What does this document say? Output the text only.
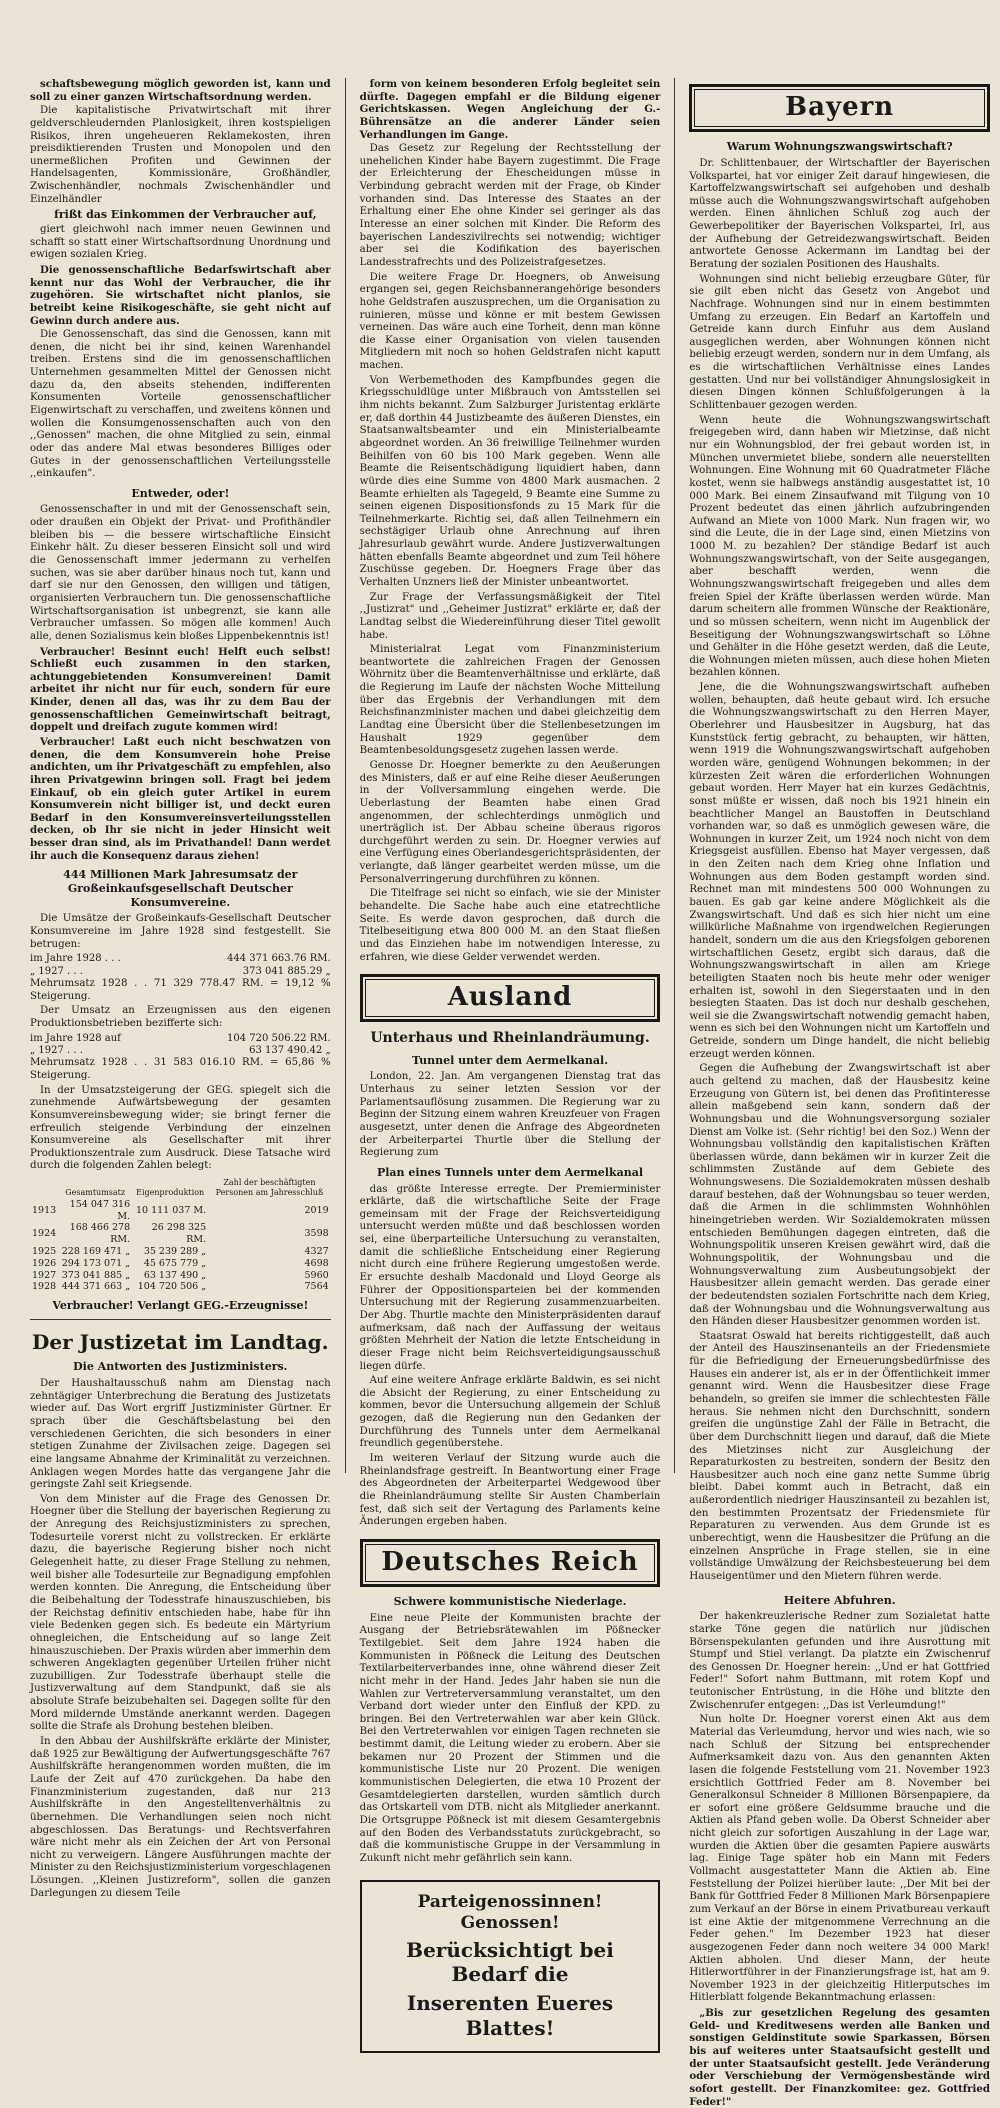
schaftsbewegung möglich geworden ist, kann und soll zu einer ganzen Wirtschaftsordnung werden.

Die kapitalistische Privatwirtschaft mit ihrer geldverschleudernden Planlosigkeit, ihren kostspieligen Risikos, ihren ungeheueren Reklamekosten, ihren preisdiktierenden Trusten und Monopolen und den unermeßlichen Profiten und Gewinnen der Handelsagenten, Kommissionäre, Großhändler, Zwischenhändler, nochmals Zwischenhändler und Einzelhändler

frißt das Einkommen der Verbraucher auf,

giert gleichwohl nach immer neuen Gewinnen und schafft so statt einer Wirtschaftsordnung Unordnung und ewigen sozialen Krieg.

Die genossenschaftliche Bedarfswirtschaft aber kennt nur das Wohl der Verbraucher, die ihr zugehören. Sie wirtschaftet nicht planlos, sie betreibt keine Risikogeschäfte, sie geht nicht auf Gewinn durch andere aus.

Die Genossenschaft, das sind die Genossen, kann mit denen, die nicht bei ihr sind, keinen Warenhandel treiben. Erstens sind die im genossenschaftlichen Unternehmen gesammelten Mittel der Genossen nicht dazu da, den abseits stehenden, indifferenten Konsumenten Vorteile genossenschaftlicher Eigenwirtschaft zu verschaffen, und zweitens können und wollen die Konsumgenossenschaften auch von den ,,Genossen" machen, die ohne Mitglied zu sein, einmal oder das andere Mal etwas besonderes Billiges oder Gutes in der genossenschaftlichen Verteilungsstelle ,,einkaufen".

Entweder, oder!

Genossenschafter in und mit der Genossenschaft sein, oder draußen ein Objekt der Privat- und Profithändler bleiben bis — die bessere wirtschaftliche Einsicht Einkehr hält. Zu dieser besseren Einsicht soll und wird die Genossenschaft immer jedermann zu verhelfen suchen, was sie aber darüber hinaus noch tut, kann und darf sie nur den Genossen, den willigen und tätigen, organisierten Verbrauchern tun. Die genossenschaftliche Wirtschaftsorganisation ist unbegrenzt, sie kann alle Verbraucher umfassen. So mögen alle kommen! Auch alle, denen Sozialismus kein bloßes Lippenbekenntnis ist!

Verbraucher! Besinnt euch! Helft euch selbst! Schließt euch zusammen in den starken, achtunggebietenden Konsumvereinen! Damit arbeitet ihr nicht nur für euch, sondern für eure Kinder, denen all das, was ihr zu dem Bau der genossenschaftlichen Gemeinwirtschaft beitragt, doppelt und dreifach zugute kommen wird!

Verbraucher! Laßt euch nicht beschwatzen von denen, die dem Konsumverein hohe Preise andichten, um ihr Privatgeschäft zu empfehlen, also ihren Privatgewinn bringen soll. Fragt bei jedem Einkauf, ob ein gleich guter Artikel in eurem Konsumverein nicht billiger ist, und deckt euren Bedarf in den Konsumvereinsverteilungsstellen decken, ob Ihr sie nicht in jeder Hinsicht weit besser dran sind, als im Privathandel! Dann werdet ihr auch die Konsequenz daraus ziehen!

444 Millionen Mark Jahresumsatz der
Großeinkaufsgesellschaft Deutscher Konsumvereine.

Die Umsätze der Großeinkaufs-Gesellschaft Deutscher Konsumvereine im Jahre 1928 sind festgestellt. Sie betrugen:

im Jahre 1928 . . .	444 371 663.76 RM.
„ 1927 . . .	373 041 885.29 „

Mehrumsatz 1928 . . 71 329 778.47 RM. = 19,12 % Steigerung.

Der Umsatz an Erzeugnissen aus den eigenen Produktionsbetrieben bezifferte sich:

im Jahre 1928 auf	104 720 506.22 RM.
„ 1927 . . .	63 137 490.42 „

Mehrumsatz 1928 . . 31 583 016.10 RM. = 65,86 % Steigerung.

In der Umsatzsteigerung der GEG. spiegelt sich die zunehmende Aufwärtsbewegung der gesamten Konsumvereinsbewegung wider; sie bringt ferner die erfreulich steigende Verbindung der einzelnen Konsumvereine als Gesellschafter mit ihrer Produktionszentrale zum Ausdruck. Diese Tatsache wird durch die folgenden Zahlen belegt:

	Gesamtumsatz	Eigenproduktion	Zahl der beschäftigten Personen am Jahresschluß
1913	154 047 316 M.	10 111 037 M.	2019
1924	168 466 278 RM.	26 298 325 RM.	3598
1925	228 169 471 „	35 239 289 „	4327
1926	294 173 071 „	45 675 779 „	4698
1927	373 041 885 „	63 137 490 „	5960
1928	444 371 663 „	104 720 506 „	7564
Verbraucher! Verlangt GEG.-Erzeugnisse!
Der Justizetat im Landtag.
Die Antworten des Justizministers.

Der Haushaltausschuß nahm am Dienstag nach zehntägiger Unterbrechung die Beratung des Justizetats wieder auf. Das Wort ergriff Justizminister Gürtner. Er sprach über die Geschäftsbelastung bei den verschiedenen Gerichten, die sich besonders in einer stetigen Zunahme der Zivilsachen zeige. Dagegen sei eine langsame Abnahme der Kriminalität zu verzeichnen. Anklagen wegen Mordes hatte das vergangene Jahr die geringste Zahl seit Kriegsende.

Von dem Minister auf die Frage des Genossen Dr. Hoegner über die Stellung der bayerischen Regierung zu der Anregung des Reichsjustizministers zu sprechen, Todesurteile vorerst nicht zu vollstrecken. Er erklärte dazu, die bayerische Regierung bisher noch nicht Gelegenheit hatte, zu dieser Frage Stellung zu nehmen, weil bisher alle Todesurteile zur Begnadigung empfohlen werden konnten. Die Anregung, die Entscheidung über die Beibehaltung der Todesstrafe hinauszuschieben, bis der Reichstag definitiv entschieden habe, habe für ihn viele Bedenken gegen sich. Es bedeute ein Märtyrium ohnegleichen, die Entscheidung auf so lange Zeit hinauszuschieben. Der Praxis würden aber immerhin dem schweren Angeklagten gegenüber Urteilen früher nicht zuzubilligen. Zur Todesstrafe überhaupt stelle die Justizverwaltung auf dem Standpunkt, daß sie als absolute Strafe beizubehalten sei. Dagegen sollte für den Mord mildernde Umstände anerkannt werden. Dagegen sollte die Strafe als Drohung bestehen bleiben.

In den Abbau der Aushilfskräfte erklärte der Minister, daß 1925 zur Bewältigung der Aufwertungsgeschäfte 767 Aushilfskräfte herangenommen worden mußten, die im Laufe der Zeit auf 470 zurückgehen. Da habe den Finanzministerium zugestanden, daß nur 213 Aushilfskräfte in den Angestelltenverhältnis zu übernehmen. Die Verhandlungen seien noch nicht abgeschlossen. Das Beratungs- und Rechtsverfahren wäre nicht mehr als ein Zeichen der Art von Personal nicht zu verweigern. Längere Ausführungen machte der Minister zu den Reichsjustizministerium vorgeschlagenen Lösungen. ,,Kleinen Justizreform", sollen die ganzen Darlegungen zu diesem Teile

form von keinem besonderen Erfolg begleitet sein dürfte. Dagegen empfahl er die Bildung eigener Gerichtskassen. Wegen Angleichung der G.-Bührensätze an die anderer Länder seien Verhandlungen im Gange.

Das Gesetz zur Regelung der Rechtsstellung der unehelichen Kinder habe Bayern zugestimmt. Die Frage der Erleichterung der Ehescheidungen müsse in Verbindung gebracht werden mit der Frage, ob Kinder vorhanden sind. Das Interesse des Staates an der Erhaltung einer Ehe ohne Kinder sei geringer als das Interesse an einer solchen mit Kinder. Die Reform des bayerischen Landeszivilrechts sei notwendig; wichtiger aber sei die Kodifikation des bayerischen Landesstrafrechts und des Polizeistrafgesetzes.

Die weitere Frage Dr. Hoegners, ob Anweisung ergangen sei, gegen Reichsbannerangehörige besonders hohe Geldstrafen auszusprechen, um die Organisation zu ruinieren, müsse und könne er mit bestem Gewissen verneinen. Das wäre auch eine Torheit, denn man könne die Kasse einer Organisation von vielen tausenden Mitgliedern mit noch so hohen Geldstrafen nicht kaputt machen.

Von Werbemethoden des Kampfbundes gegen die Kriegsschuldlüge unter Mißbrauch von Amtsstellen sei ihm nichts bekannt. Zum Salzburger Juristentag erklärte er, daß dorthin 44 Justizbeamte des äußeren Dienstes, ein Staatsanwaltsbeamter und ein Ministerialbeamte abgeordnet worden. An 36 freiwillige Teilnehmer wurden Beihilfen von 60 bis 100 Mark gegeben. Wenn alle Beamte die Reisentschädigung liquidiert haben, dann würde dies eine Summe von 4800 Mark ausmachen. 2 Beamte erhielten als Tagegeld, 9 Beamte eine Summe zu seinen eigenen Dispositionsfonds zu 15 Mark für die Teilnehmerkarte. Richtig sei, daß allen Teilnehmern ein sechstägiger Urlaub ohne Anrechnung auf ihren Jahresurlaub gewährt wurde. Andere Justizverwaltungen hätten ebenfalls Beamte abgeordnet und zum Teil höhere Zuschüsse gegeben. Dr. Hoegners Frage über das Verhalten Unzners ließ der Minister unbeantwortet.

Zur Frage der Verfassungsmäßigkeit der Titel ,,Justizrat" und ,,Geheimer Justizrat" erklärte er, daß der Landtag selbst die Wiedereinführung dieser Titel gewollt habe.

Ministerialrat Legat vom Finanzministerium beantwortete die zahlreichen Fragen der Genossen Wöhrnitz über die Beamtenverhältnisse und erklärte, daß die Regierung im Laufe der nächsten Woche Mitteilung über das Ergebnis der Verhandlungen mit dem Reichsfinanzminister machen und dabei gleichzeitig dem Landtag eine Übersicht über die Stellenbesetzungen im Haushalt 1929 gegenüber dem Beamtenbesoldungsgesetz zugehen lassen werde.

Genosse Dr. Hoegner bemerkte zu den Aeußerungen des Ministers, daß er auf eine Reihe dieser Aeußerungen in der Vollversammlung eingehen werde. Die Ueberlastung der Beamten habe einen Grad angenommen, der schlechterdings unmöglich und unerträglich ist. Der Abbau scheine überaus rigoros durchgeführt werden zu sein. Dr. Hoegner verwies auf eine Verfügung eines Oberlandesgerichtspräsidenten, der verlangte, daß länger gearbeitet werden müsse, um die Personalverringerung durchführen zu können.

Die Titelfrage sei nicht so einfach, wie sie der Minister behandelte. Die Sache habe auch eine etatrechtliche Seite. Es werde davon gesprochen, daß durch die Titelbeseitigung etwa 800 000 M. an den Staat fließen und das Einziehen habe im notwendigen Interesse, zu erfahren, wie diese Gelder verwendet werden.

Ausland
Unterhaus und Rheinlandräumung.
Tunnel unter dem Aermelkanal.

London, 22. Jan. Am vergangenen Dienstag trat das Unterhaus zu seiner letzten Session vor der Parlamentsauflösung zusammen. Die Regierung war zu Beginn der Sitzung einem wahren Kreuzfeuer von Fragen ausgesetzt, unter denen die Anfrage des Abgeordneten der Arbeiterpartei Thurtle über die Stellung der Regierung zum

Plan eines Tunnels unter dem Aermelkanal

das größte Interesse erregte. Der Premierminister erklärte, daß die wirtschaftliche Seite der Frage gemeinsam mit der Frage der Reichsverteidigung untersucht werden müßte und daß beschlossen worden sei, eine überparteiliche Untersuchung zu veranstalten, damit die schließliche Entscheidung einer Regierung nicht durch eine frühere Regierung umgestoßen werde. Er ersuchte deshalb Macdonald und Lloyd George als Führer der Oppositionsparteien bei der kommenden Untersuchung mit der Regierung zusammenzuarbeiten. Der Abg. Thurtle machte den Ministerpräsidenten darauf aufmerksam, daß nach der Auffassung der weitaus größten Mehrheit der Nation die letzte Entscheidung in dieser Frage nicht beim Reichsverteidigungsausschuß liegen dürfe.

Auf eine weitere Anfrage erklärte Baldwin, es sei nicht die Absicht der Regierung, zu einer Entscheidung zu kommen, bevor die Untersuchung allgemein der Schluß gezogen, daß die Regierung nun den Gedanken der Durchführung des Tunnels unter dem Aermelkanal freundlich gegenüberstehe.

Im weiteren Verlauf der Sitzung wurde auch die Rheinlandsfrage gestreift. In Beantwortung einer Frage des Abgeordneten der Arbeiterpartei Wedgewood über die Rheinlandräumung stellte Sir Austen Chamberlain fest, daß sich seit der Vertagung des Parlaments keine Änderungen ergeben haben.

Deutsches Reich
Schwere kommunistische Niederlage.

Eine neue Pleite der Kommunisten brachte der Ausgang der Betriebsrätewahlen im Pößnecker Textilgebiet. Seit dem Jahre 1924 haben die Kommunisten in Pößneck die Leitung des Deutschen Textilarbeiterverbandes inne, ohne während dieser Zeit nicht mehr in der Hand. Jedes Jahr haben sie nun die Wahlen zur Vertreterversammlung veranstaltet, um den Verband dort wieder unter den Einfluß der KPD. zu bringen. Bei den Vertreterwahlen war aber kein Glück. Bei den Vertreterwahlen vor einigen Tagen rechneten sie bestimmt damit, die Leitung wieder zu erobern. Aber sie bekamen nur 20 Prozent der Stimmen und die kommunistische Liste nur 20 Prozent. Die wenigen kommunistischen Delegierten, die etwa 10 Prozent der Gesamtdelegierten darstellen, wurden sämtlich durch das Ortskartell vom DTB. nicht als Mitglieder anerkannt. Die Ortsgruppe Pößneck ist mit diesem Gesamtergebnis auf den Boden des Verbandsstatuts zurückgebracht, so daß die kommunistische Gruppe in der Versammlung in Zukunft nicht mehr gefährlich sein kann.

Parteigenossinnen! Genossen!
Berücksichtigt bei Bedarf die
Inserenten Eueres Blattes!
Bayern
Warum Wohnungszwangswirtschaft?

Dr. Schlittenbauer, der Wirtschaftler der Bayerischen Volkspartei, hat vor einiger Zeit darauf hingewiesen, die Kartoffelzwangswirtschaft sei aufgehoben und deshalb müsse auch die Wohnungszwangswirtschaft aufgehoben werden. Einen ähnlichen Schluß zog auch der Gewerbepolitiker der Bayerischen Volkspartei, Irl, aus der Aufhebung der Getreidezwangswirtschaft. Beiden antwortete Genosse Ackermann im Landtag bei der Beratung der sozialen Positionen des Haushalts.

Wohnungen sind nicht beliebig erzeugbare Güter, für sie gilt eben nicht das Gesetz von Angebot und Nachfrage. Wohnungen sind nur in einem bestimmten Umfang zu erzeugen. Ein Bedarf an Kartoffeln und Getreide kann durch Einfuhr aus dem Ausland ausgeglichen werden, aber Wohnungen können nicht beliebig erzeugt werden, sondern nur in dem Umfang, als es die wirtschaftlichen Verhältnisse eines Landes gestatten. Und nur bei vollständiger Ahnungslosigkeit in diesen Dingen können Schlußfolgerungen à la Schlittenbauer gezogen werden.

Wenn heute die Wohnungszwangswirtschaft freigegeben wird, dann haben wir Mietzinse, daß nicht nur ein Wohnungsblod, der frei gebaut worden ist, in München unvermietet bliebe, sondern alle neuerstellten Wohnungen. Eine Wohnung mit 60 Quadratmeter Fläche kostet, wenn sie halbwegs anständig ausgestattet ist, 10 000 Mark. Bei einem Zinsaufwand mit Tilgung von 10 Prozent bedeutet das einen jährlich aufzubringenden Aufwand an Miete von 1000 Mark. Nun fragen wir, wo sind die Leute, die in der Lage sind, einen Mietzins von 1000 M. zu bezahlen? Der ständige Bedarf ist auch Wohnungszwangswirtschaft, von der Seite ausgegangen, aber beschafft werden, wenn die Wohnungszwangswirtschaft freigegeben und alles dem freien Spiel der Kräfte überlassen werden würde. Man darum scheitern alle frommen Wünsche der Reaktionäre, und so müssen scheitern, wenn nicht im Augenblick der Beseitigung der Wohnungszwangswirtschaft so Löhne und Gehälter in die Höhe gesetzt werden, daß die Leute, die Wohnungen mieten müssen, auch diese hohen Mieten bezahlen können.

Jene, die die Wohnungszwangswirtschaft aufheben wollen, behaupten, daß heute gebaut wird. Ich ersuche die Wohnungszwangswirtschaft zu den Herren Mayer, Oberlehrer und Hausbesitzer in Augsburg, hat das Kunststück fertig gebracht, zu behaupten, wir hätten, wenn 1919 die Wohnungszwangswirtschaft aufgehoben worden wäre, genügend Wohnungen bekommen; in der kürzesten Zeit wären die erforderlichen Wohnungen gebaut worden. Herr Mayer hat ein kurzes Gedächtnis, sonst müßte er wissen, daß noch bis 1921 hinein ein beachtlicher Mangel an Baustoffen in Deutschland vorhanden war, so daß es unmöglich gewesen wäre, die Wohnungen in kurzer Zeit, um 1924 noch nicht von dem Kriegsgeist ausfüllen. Ebenso hat Mayer vergessen, daß in den Zeiten nach dem Krieg ohne Inflation und Wohnungen aus dem Boden gestampft worden sind. Rechnet man mit mindestens 500 000 Wohnungen zu bauen. Es gab gar keine andere Möglichkeit als die Zwangswirtschaft. Und daß es sich hier nicht um eine willkürliche Maßnahme von irgendwelchen Regierungen handelt, sondern um die aus den Kriegsfolgen geborenen wirtschaftlichen Gesetz, ergibt sich daraus, daß die Wohnungszwangswirtschaft in allen am Kriege beteiligten Staaten noch bis heute mehr oder weniger erhalten ist, sowohl in den Siegerstaaten und in den besiegten Staaten. Das ist doch nur deshalb geschehen, weil sie die Zwangswirtschaft notwendig gemacht haben, wenn es sich bei den Wohnungen nicht um Kartoffeln und Getreide, sondern um Dinge handelt, die nicht beliebig erzeugt werden können.

Gegen die Aufhebung der Zwangswirtschaft ist aber auch geltend zu machen, daß der Hausbesitz keine Erzeugung von Gütern ist, bei denen das Profitinteresse allein maßgebend sein kann, sondern daß der Wohnungsbau und die Wohnungsversorgung sozialer Dienst am Volke ist. (Sehr richtig! bei den Soz.) Wenn der Wohnungsbau vollständig den kapitalistischen Kräften überlassen würde, dann bekämen wir in kurzer Zeit die schlimmsten Zustände auf dem Gebiete des Wohnungswesens. Die Sozialdemokraten müssen deshalb darauf bestehen, daß der Wohnungsbau so teuer werden, daß die Armen in die schlimmsten Wohnhöhlen hineingetrieben werden. Wir Sozialdemokraten müssen entschieden Bemühungen dagegen eintreten, daß die Wohnungspolitik unseren Kreisen gewährt wird, daß die Wohnungspolitik, der Wohnungsbau und die Wohnungsverwaltung zum Ausbeutungsobjekt der Hausbesitzer allein gemacht werden. Das gerade einer der bedeutendsten sozialen Fortschritte nach dem Krieg, daß der Wohnungsbau und die Wohnungsverwaltung aus den Händen dieser Hausbesitzer genommen worden ist.

Staatsrat Oswald hat bereits richtiggestellt, daß auch der Anteil des Hauszinsenanteils an der Friedensmiete für die Befriedigung der Erneuerungsbedürfnisse des Hauses ein anderer ist, als er in der Öffentlichkeit immer genannt wird. Wenn die Hausbesitzer diese Frage behandeln, so greifen sie immer die schlechtesten Fälle heraus. Sie nehmen nicht den Durchschnitt, sondern greifen die ungünstige Zahl der Fälle in Betracht, die über dem Durchschnitt liegen und darauf, daß die Miete des Mietzinses nicht zur Ausgleichung der Reparaturkosten zu bestreiten, sondern der Besitz den Hausbesitzer auch noch eine ganz nette Summe übrig bleibt. Dabei kommt auch in Betracht, daß ein außerordentlich niedriger Hauszinsanteil zu bezahlen ist, den bestimmten Prozentsatz der Friedensmiete für Reparaturen zu verwenden. Aus dem Grunde ist es unberechtigt, wenn die Hausbesitzer die Prüfung an die einzelnen Ansprüche in Frage stellen, sie in eine vollständige Umwälzung der Reichsbesteuerung bei dem Hauseigentümer und den Mietern führen werde.

Heitere Abfuhren.

Der hakenkreuzlerische Redner zum Sozialetat hatte starke Töne gegen die natürlich nur jüdischen Börsenspekulanten gefunden und ihre Ausrottung mit Stumpf und Stiel verlangt. Da platzte ein Zwischenruf des Genossen Dr. Hoegner herein: ,,Und er hat Gottfried Feder!" Sofort nahm Buttmann, mit rotem Kopf und teutonischer Entrüstung, in die Höhe und blitzte den Zwischenrufer entgegen: ,,Das ist Verleumdung!"

Nun holte Dr. Hoegner vorerst einen Akt aus dem Material das Verleumdung, hervor und wies nach, wie so nach Schluß der Sitzung bei entsprechender Aufmerksamkeit dazu von. Aus den genannten Akten lasen die folgende Feststellung vom 21. November 1923 ersichtlich Gottfried Feder am 8. November bei Generalkonsul Schneider 8 Millionen Börsenpapiere, da er sofort eine größere Geldsumme brauche und die Aktien als Pfand geben wolle. Da Oberst Schneider aber nicht gleich zur sofortigen Auszahlung in der Lage war, wurden die Aktien über die gesamten Papiere auswärts lag. Einige Tage später hob ein Mann mit Feders Vollmacht ausgestatteter Mann die Aktien ab. Eine Feststellung der Polizei hierüber laute: ,,Der Mit bei der Bank für Gottfried Feder 8 Millionen Mark Börsenpapiere zum Verkauf an der Börse in einem Privatbureau verkauft ist eine Aktie der mitgenommene Verrechnung an die Feder gehen." Im Dezember 1923 hat dieser ausgezogenen Feder dann noch weitere 34 000 Mark! Aktien abholen. Und dieser Mann, der heute Hitlerwortführer in der Finanzierungsfrage ist, hat am 9. November 1923 in der gleichzeitig Hitlerputsches im Hitlerblatt folgende Bekanntmachung erlassen:

„Bis zur gesetzlichen Regelung des gesamten Geld- und Kreditwesens werden alle Banken und sonstigen Geldinstitute sowie Sparkassen, Börsen bis auf weiteres unter Staatsaufsicht gestellt und der unter Staatsaufsicht gestellt. Jede Veränderung oder Verschiebung der Vermögensbestände wird sofort gestellt. Der Finanzkomitee: gez. Gottfried Feder!"
